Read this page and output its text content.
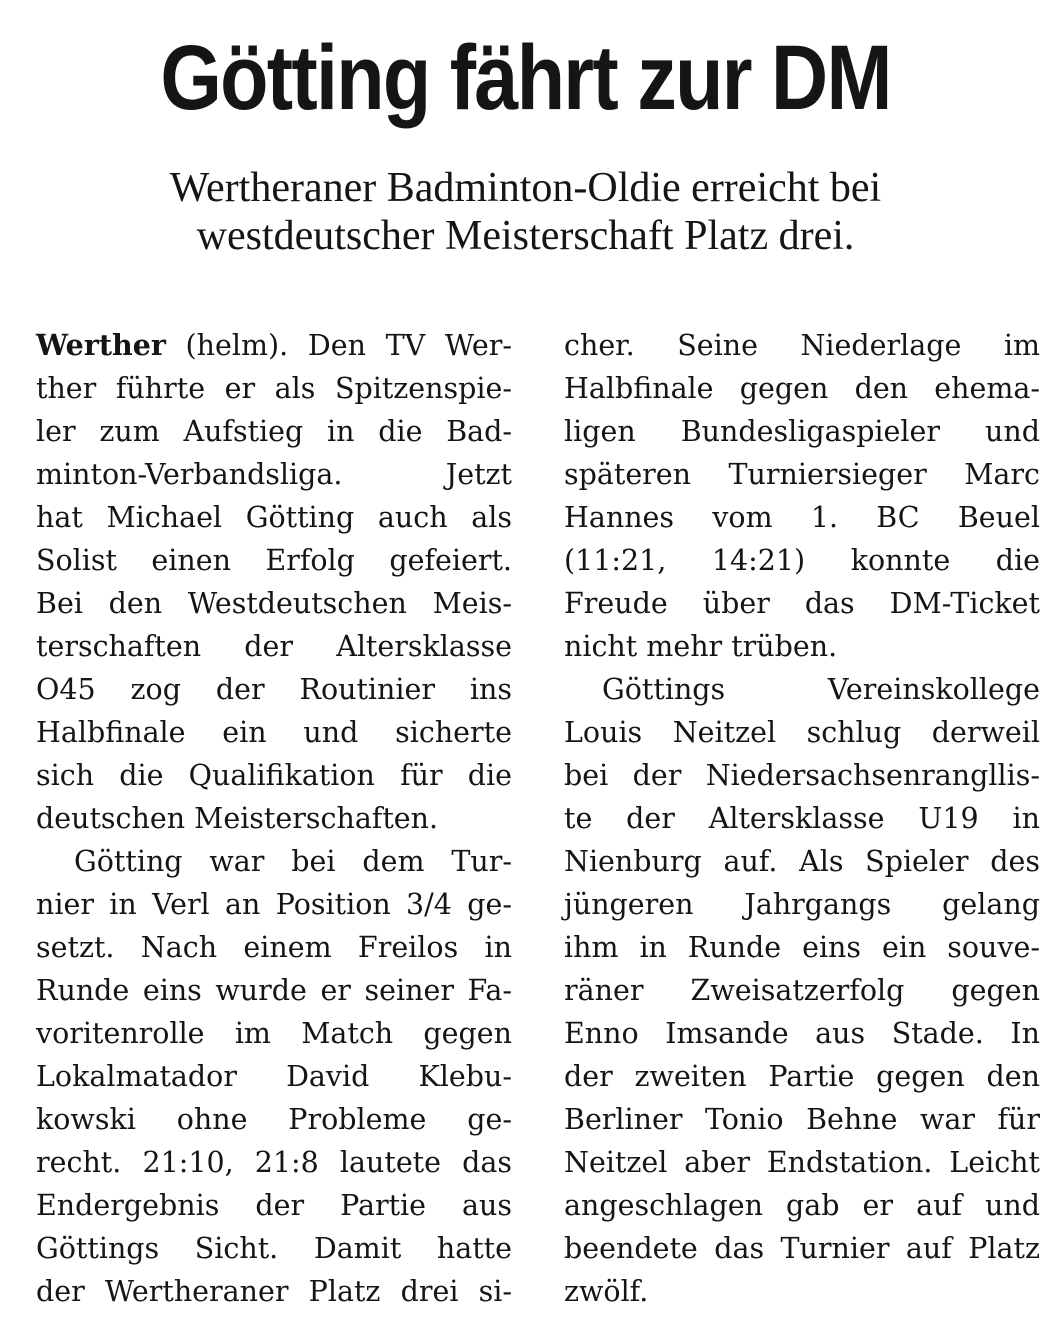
Götting fährt zur DM
Wertheraner Badminton-Oldie erreicht bei
westdeutscher Meisterschaft Platz drei.
Werther (helm). Den TV Wer-
ther führte er als Spitzenspie-
ler zum Aufstieg in die Bad-
minton-Verbandsliga. Jetzt
hat Michael Götting auch als
Solist einen Erfolg gefeiert.
Bei den Westdeutschen Meis-
terschaften der Altersklasse
O45 zog der Routinier ins
Halbfinale ein und sicherte
sich die Qualifikation für die
deutschen Meisterschaften.
Götting war bei dem Tur-
nier in Verl an Position 3/4 ge-
setzt. Nach einem Freilos in
Runde eins wurde er seiner Fa-
voritenrolle im Match gegen
Lokalmatador David Klebu-
kowski ohne Probleme ge-
recht. 21:10, 21:8 lautete das
Endergebnis der Partie aus
Göttings Sicht. Damit hatte
der Wertheraner Platz drei si-
cher. Seine Niederlage im
Halbfinale gegen den ehema-
ligen Bundesligaspieler und
späteren Turniersieger Marc
Hannes vom 1. BC Beuel
(11:21, 14:21) konnte die
Freude über das DM-Ticket
nicht mehr trüben.
Göttings Vereinskollege
Louis Neitzel schlug derweil
bei der Niedersachsenrangllis-
te der Altersklasse U19 in
Nienburg auf. Als Spieler des
jüngeren Jahrgangs gelang
ihm in Runde eins ein souve-
räner Zweisatzerfolg gegen
Enno Imsande aus Stade. In
der zweiten Partie gegen den
Berliner Tonio Behne war für
Neitzel aber Endstation. Leicht
angeschlagen gab er auf und
beendete das Turnier auf Platz
zwölf.
